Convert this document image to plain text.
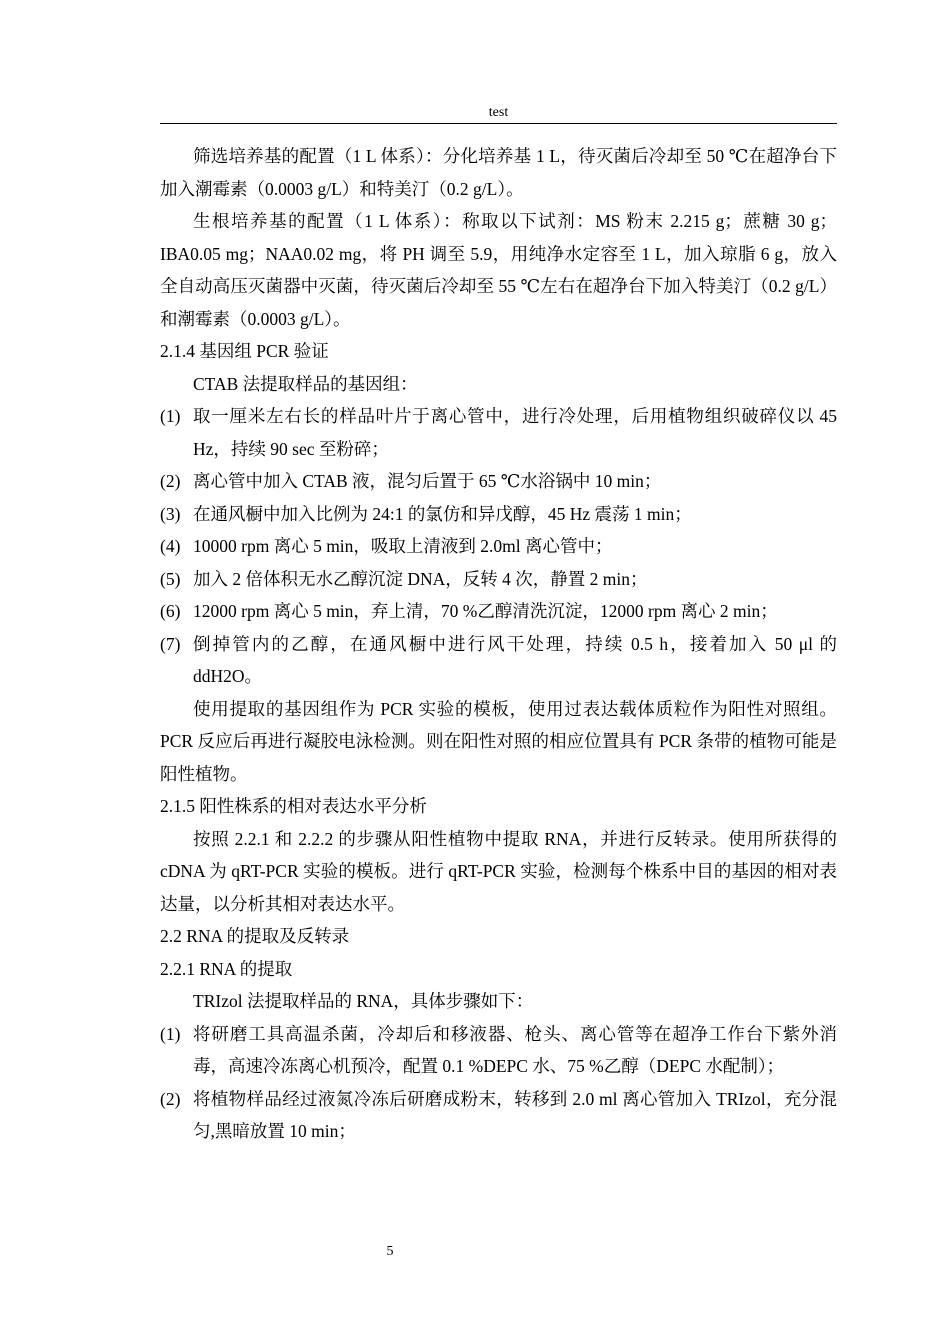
test

筛选培养基的配置（1 L 体系）：分化培养基 1 L，待灭菌后冷却至 50 ℃在超净台下加入潮霉素（0.0003 g/L）和特美汀（0.2 g/L）。

生根培养基的配置（1 L 体系）：称取以下试剂：MS 粉末 2.215 g；蔗糖 30 g；IBA0.05 mg；NAA0.02 mg，将 PH 调至 5.9，用纯净水定容至 1 L，加入琼脂 6 g，放入全自动高压灭菌器中灭菌，待灭菌后冷却至 55 ℃左右在超净台下加入特美汀（0.2 g/L）和潮霉素（0.0003 g/L）。

2.1.4 基因组 PCR 验证

CTAB 法提取样品的基因组：

(1) 取一厘米左右长的样品叶片于离心管中，进行冷处理，后用植物组织破碎仪以 45 Hz，持续 90 sec 至粉碎；

(2) 离心管中加入 CTAB 液，混匀后置于 65 ℃水浴锅中 10 min；

(3) 在通风橱中加入比例为 24:1 的氯仿和异戊醇，45 Hz 震荡 1 min；

(4) 10000 rpm 离心 5 min，吸取上清液到 2.0ml 离心管中；

(5) 加入 2 倍体积无水乙醇沉淀 DNA，反转 4 次，静置 2 min；

(6) 12000 rpm 离心 5 min，弃上清，70 %乙醇清洗沉淀，12000 rpm 离心 2 min；

(7) 倒掉管内的乙醇，在通风橱中进行风干处理，持续 0.5 h，接着加入 50 μl 的 ddH2O。

使用提取的基因组作为 PCR 实验的模板，使用过表达载体质粒作为阳性对照组。PCR 反应后再进行凝胶电泳检测。则在阳性对照的相应位置具有 PCR 条带的植物可能是阳性植物。

2.1.5 阳性株系的相对表达水平分析

按照 2.2.1 和 2.2.2 的步骤从阳性植物中提取 RNA，并进行反转录。使用所获得的 cDNA 为 qRT-PCR 实验的模板。进行 qRT-PCR 实验，检测每个株系中目的基因的相对表达量，以分析其相对表达水平。

2.2 RNA 的提取及反转录

2.2.1 RNA 的提取

TRIzol 法提取样品的 RNA，具体步骤如下：

(1) 将研磨工具高温杀菌，冷却后和移液器、枪头、离心管等在超净工作台下紫外消毒，高速冷冻离心机预冷，配置 0.1 %DEPC 水、75 %乙醇（DEPC 水配制）；

(2) 将植物样品经过液氮冷冻后研磨成粉末，转移到 2.0 ml 离心管加入 TRIzol，充分混匀,黑暗放置 10 min；

5
